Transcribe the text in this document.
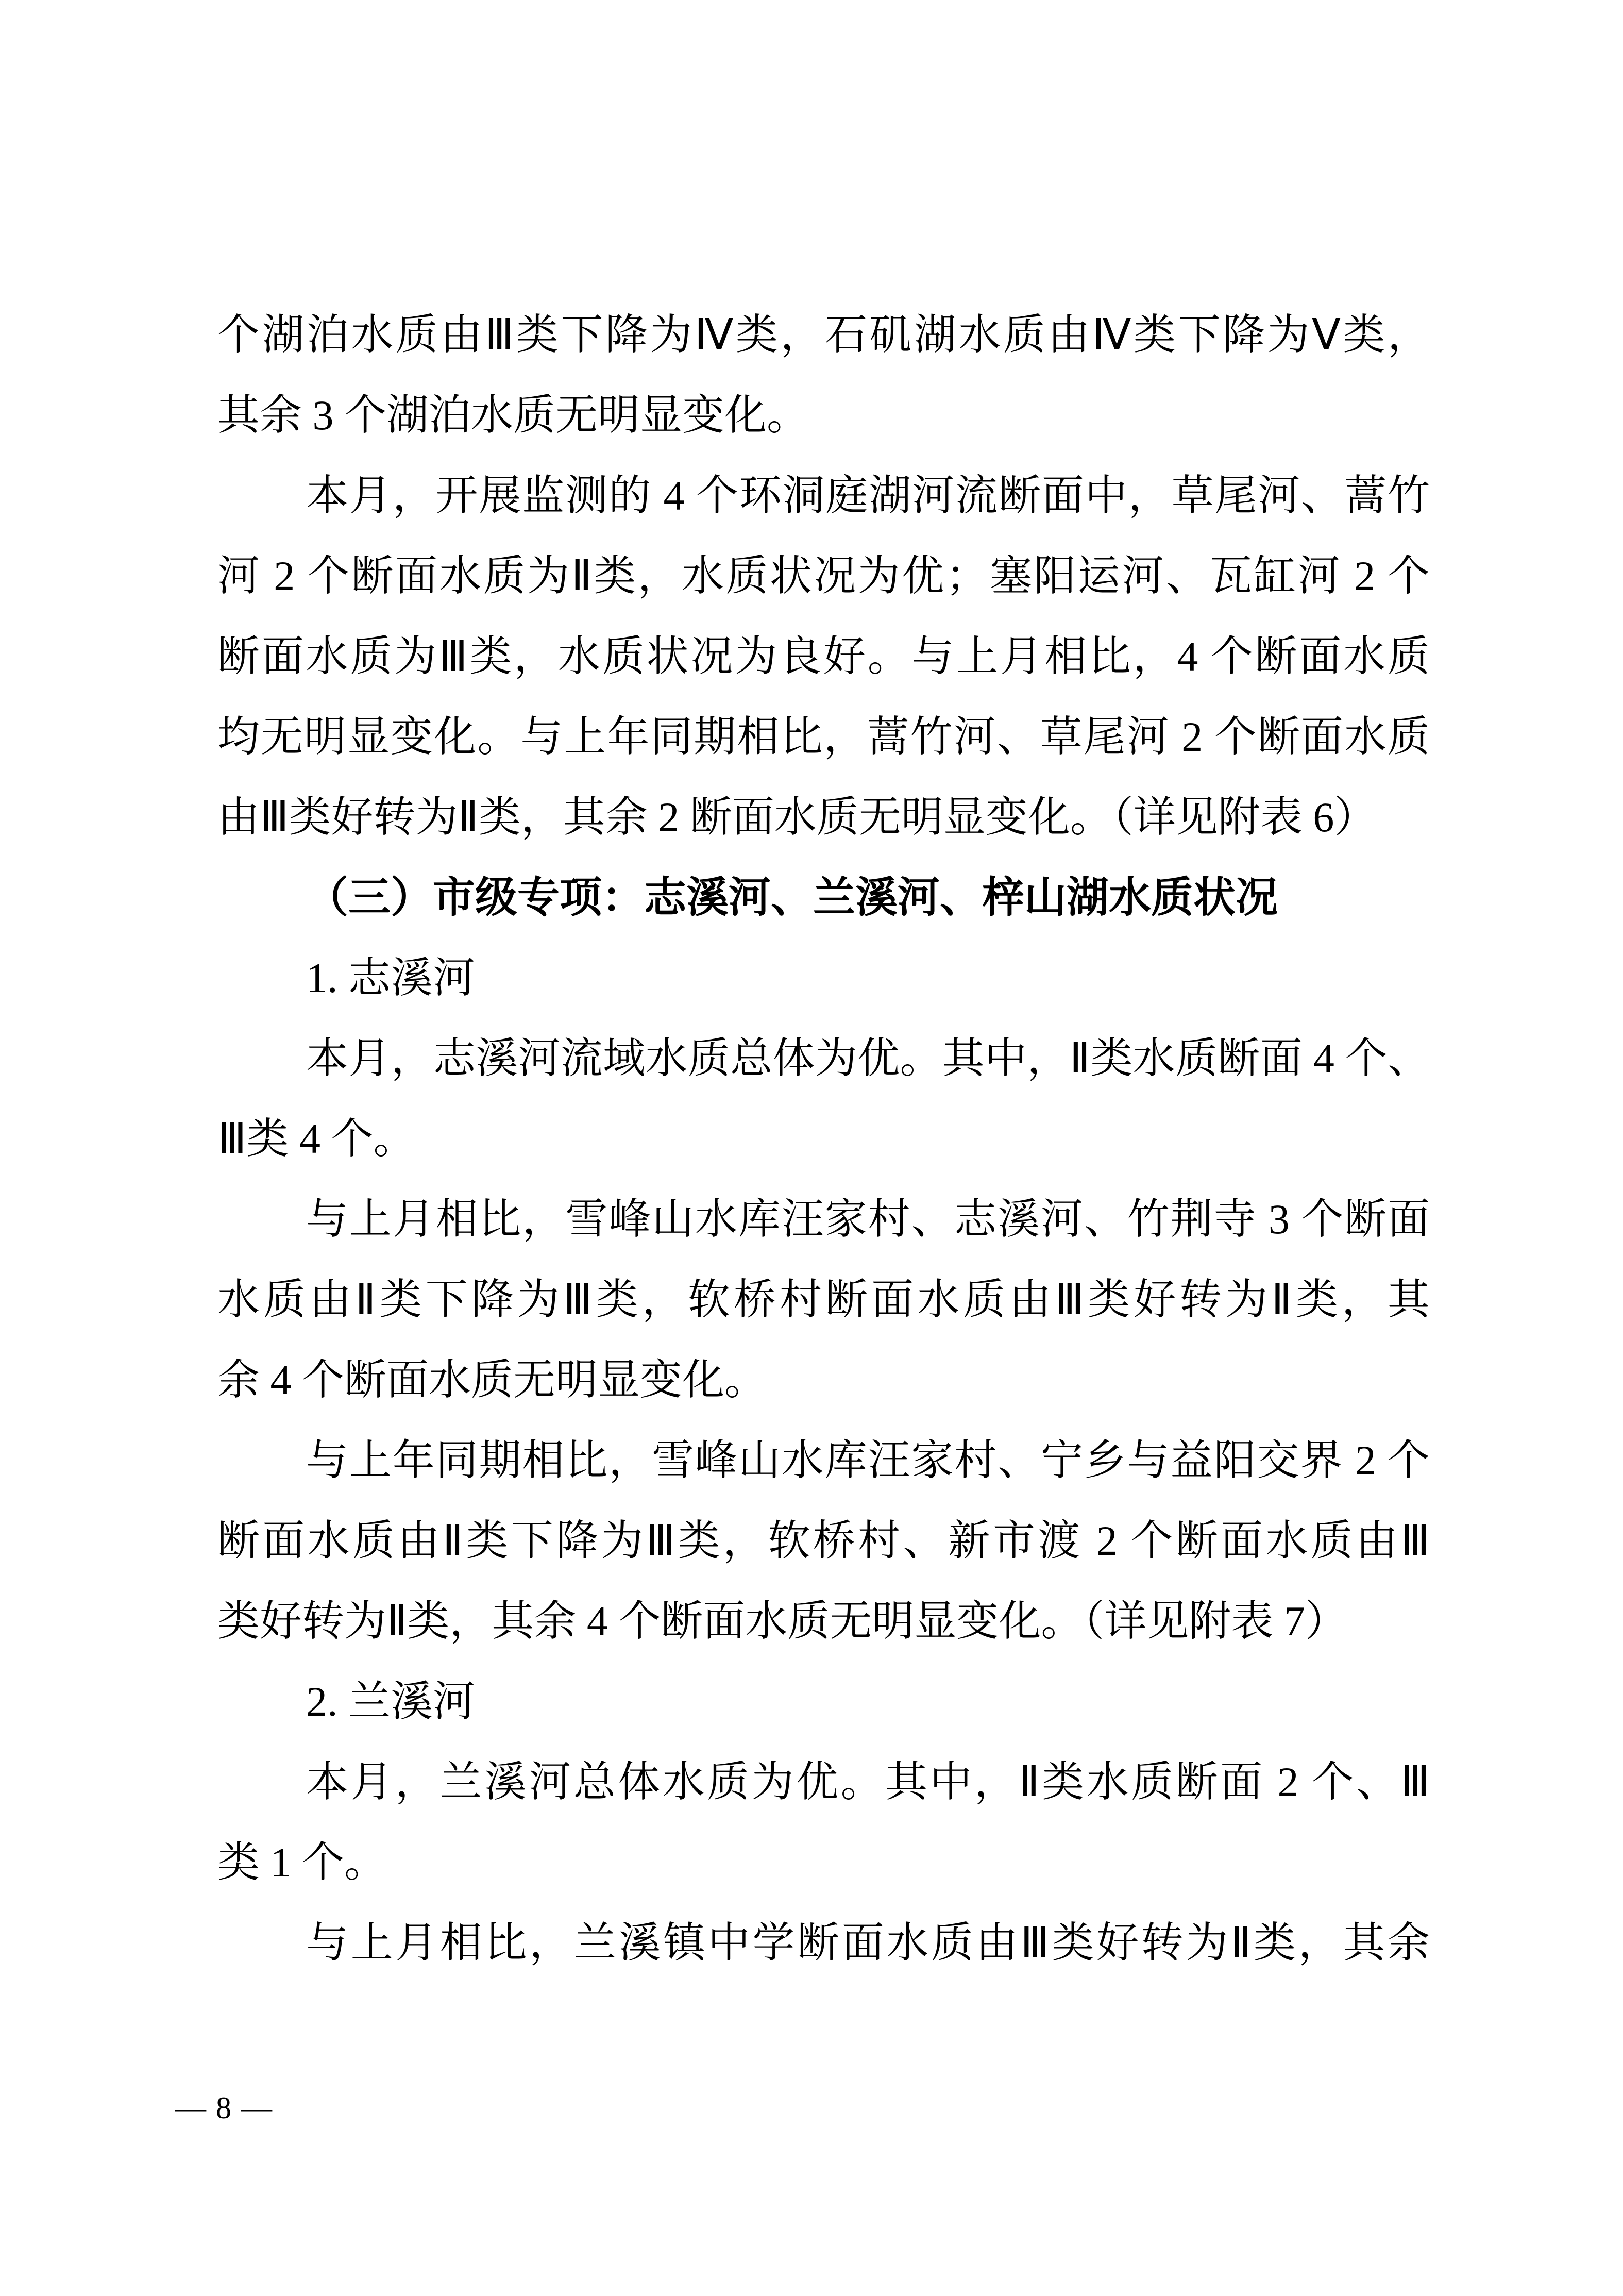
个湖泊水质由Ⅲ类下降为Ⅳ类，石矶湖水质由Ⅳ类下降为Ⅴ类，
其余 3 个湖泊水质无明显变化。
本月，开展监测的 4 个环洞庭湖河流断面中，草尾河、蒿竹
河 2 个断面水质为Ⅱ类，水质状况为优；塞阳运河、瓦缸河 2 个
断面水质为Ⅲ类，水质状况为良好。与上月相比，4 个断面水质
均无明显变化。与上年同期相比，蒿竹河、草尾河 2 个断面水质
由Ⅲ类好转为Ⅱ类，其余 2 断面水质无明显变化。（详见附表 6）
（三）市级专项：志溪河、兰溪河、梓山湖水质状况
1. 志溪河
本月，志溪河流域水质总体为优。其中，Ⅱ类水质断面 4 个、
Ⅲ类 4 个。
与上月相比，雪峰山水库汪家村、志溪河、竹荆寺 3 个断面
水质由Ⅱ类下降为Ⅲ类，软桥村断面水质由Ⅲ类好转为Ⅱ类，其
余 4 个断面水质无明显变化。
与上年同期相比，雪峰山水库汪家村、宁乡与益阳交界 2 个
断面水质由Ⅱ类下降为Ⅲ类，软桥村、新市渡 2 个断面水质由Ⅲ
类好转为Ⅱ类，其余 4 个断面水质无明显变化。（详见附表 7）
2. 兰溪河
本月，兰溪河总体水质为优。其中，Ⅱ类水质断面 2 个、Ⅲ
类 1 个。
与上月相比，兰溪镇中学断面水质由Ⅲ类好转为Ⅱ类，其余
— 8 —
